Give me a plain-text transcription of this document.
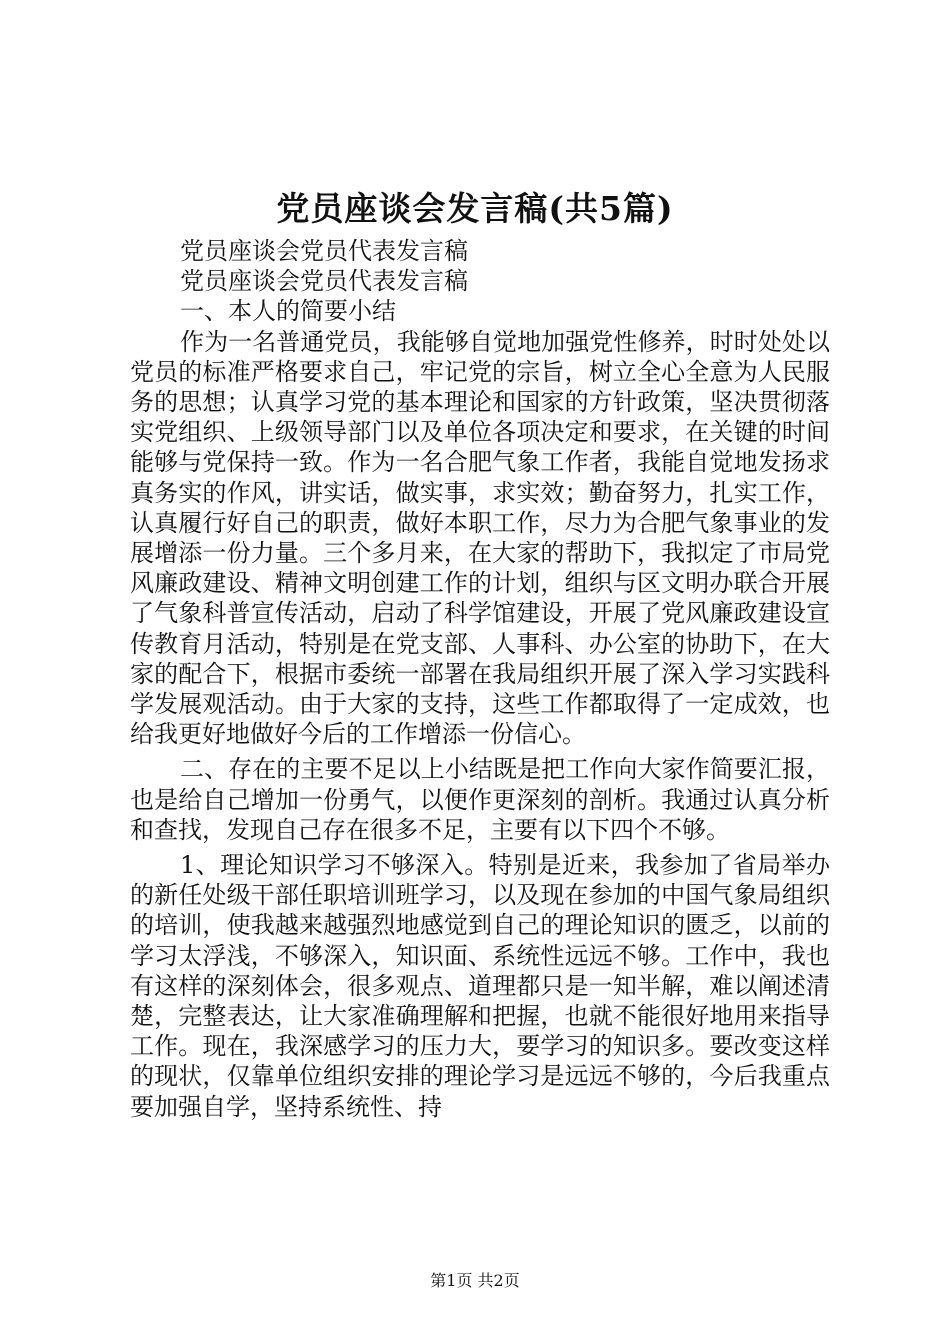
党员座谈会发言稿(共5篇)

党员座谈会党员代表发言稿

党员座谈会党员代表发言稿

一、本人的简要小结

作为一名普通党员，我能够自觉地加强党性修养，时时处处以党员的标准严格要求自己，牢记党的宗旨，树立全心全意为人民服务的思想；认真学习党的基本理论和国家的方针政策，坚决贯彻落实党组织、上级领导部门以及单位各项决定和要求，在关键的时间能够与党保持一致。作为一名合肥气象工作者，我能自觉地发扬求真务实的作风，讲实话，做实事，求实效；勤奋努力，扎实工作，认真履行好自己的职责，做好本职工作，尽力为合肥气象事业的发展增添一份力量。三个多月来，在大家的帮助下，我拟定了市局党风廉政建设、精神文明创建工作的计划，组织与区文明办联合开展了气象科普宣传活动，启动了科学馆建设，开展了党风廉政建设宣传教育月活动，特别是在党支部、人事科、办公室的协助下，在大家的配合下，根据市委统一部署在我局组织开展了深入学习实践科学发展观活动。由于大家的支持，这些工作都取得了一定成效，也给我更好地做好今后的工作增添一份信心。

二、存在的主要不足以上小结既是把工作向大家作简要汇报，也是给自己增加一份勇气，以便作更深刻的剖析。我通过认真分析和查找，发现自己存在很多不足，主要有以下四个不够。

1、理论知识学习不够深入。特别是近来，我参加了省局举办的新任处级干部任职培训班学习，以及现在参加的中国气象局组织的培训，使我越来越强烈地感觉到自己的理论知识的匮乏，以前的学习太浮浅，不够深入，知识面、系统性远远不够。工作中，我也有这样的深刻体会，很多观点、道理都只是一知半解，难以阐述清楚，完整表达，让大家准确理解和把握，也就不能很好地用来指导工作。现在，我深感学习的压力大，要学习的知识多。要改变这样的现状，仅靠单位组织安排的理论学习是远远不够的，今后我重点要加强自学，坚持系统性、持

第1页 共2页
